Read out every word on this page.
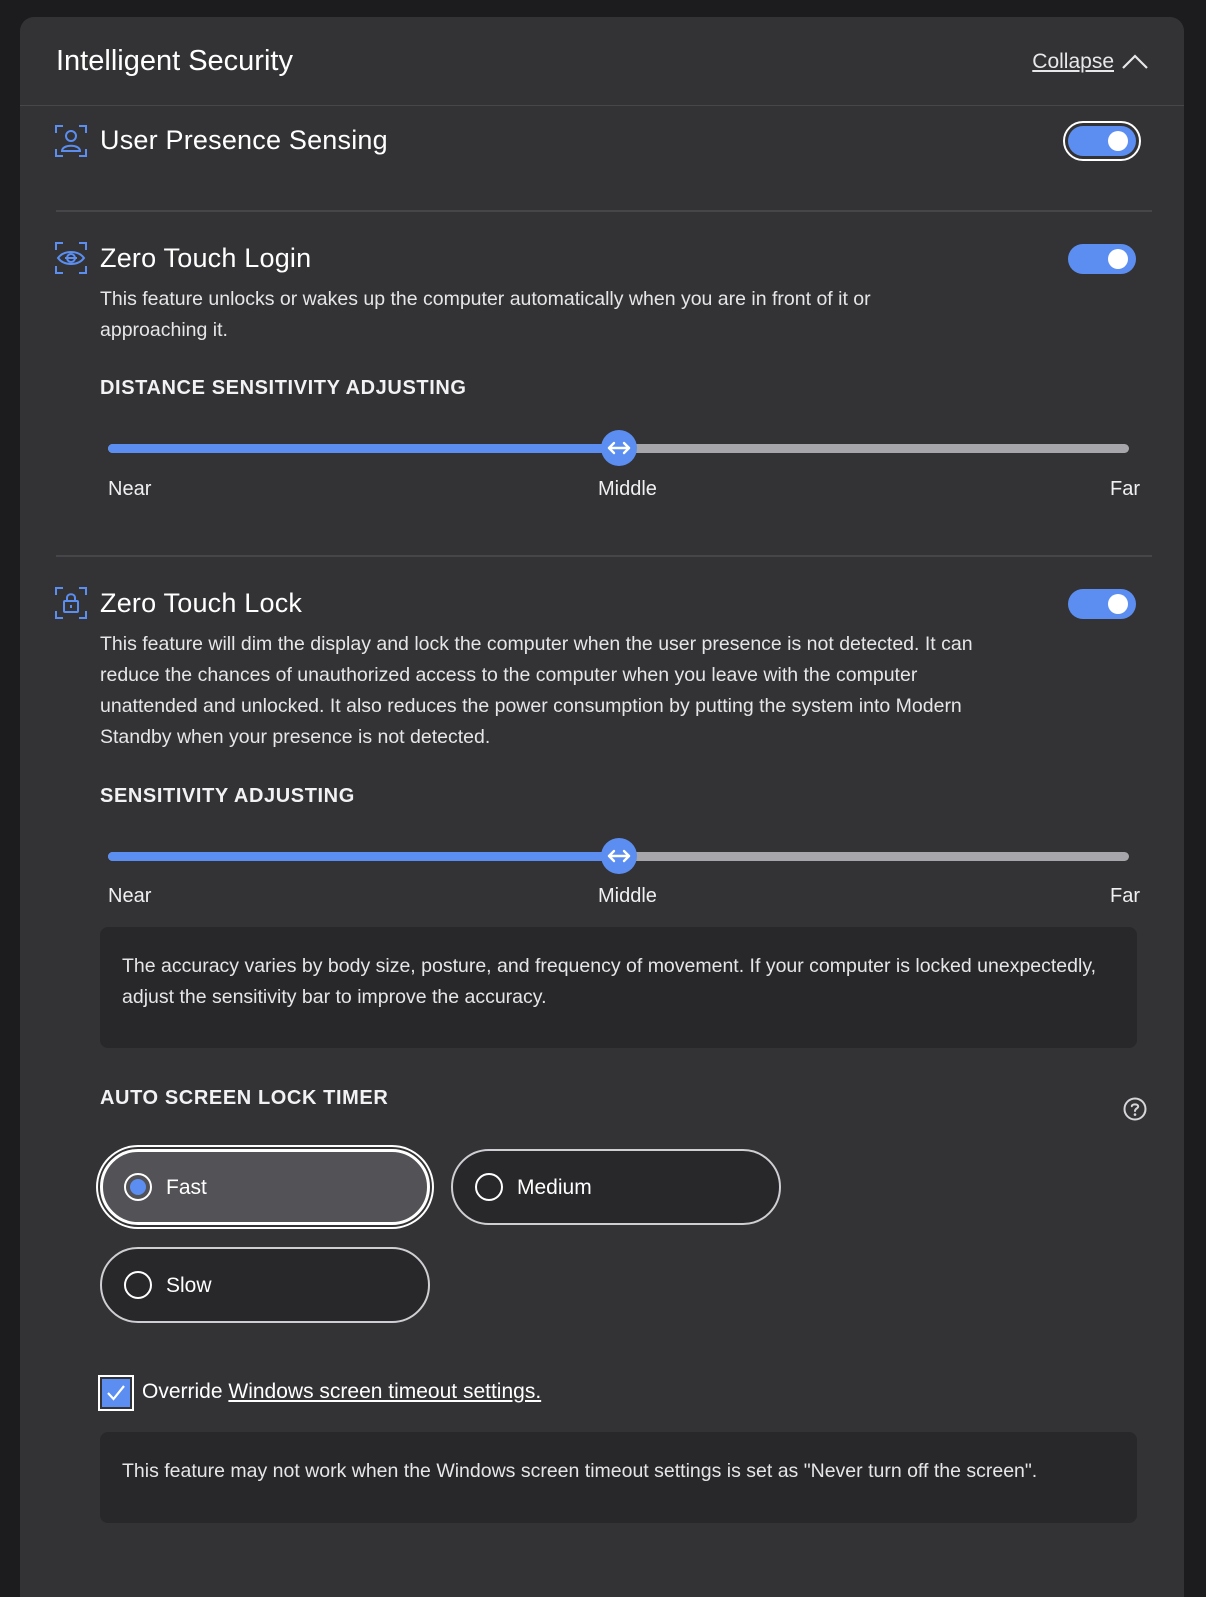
Intelligent Security	Collapse
User Presence Sensing
Zero Touch Login
This feature unlocks or wakes up the computer automatically when you are in front of it or approaching it.
DISTANCE SENSITIVITY ADJUSTING
Near	Middle	Far
Zero Touch Lock
This feature will dim the display and lock the computer when the user presence is not detected. It can reduce the chances of unauthorized access to the computer when you leave with the computer unattended and unlocked. It also reduces the power consumption by putting the system into Modern Standby when your presence is not detected.
SENSITIVITY ADJUSTING
Near	Middle	Far
The accuracy varies by body size, posture, and frequency of movement. If your computer is locked unexpectedly, adjust the sensitivity bar to improve the accuracy.
AUTO SCREEN LOCK TIMER
Fast	Medium
Slow
Override Windows screen timeout settings.
This feature may not work when the Windows screen timeout settings is set as "Never turn off the screen".
